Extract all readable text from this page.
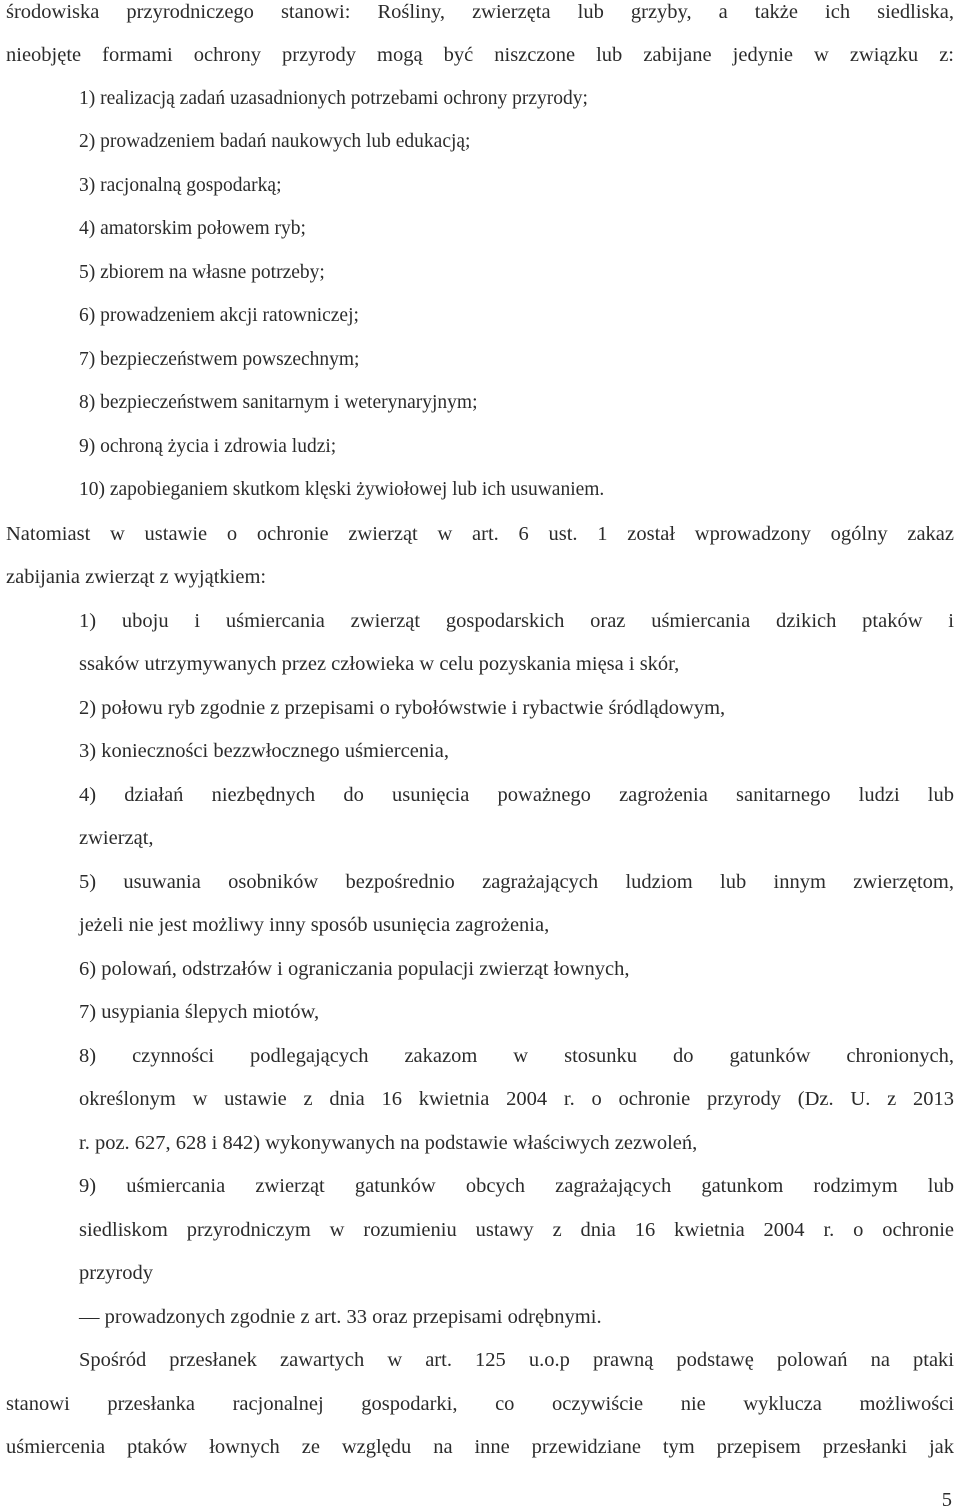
środowiska przyrodniczego stanowi: Rośliny, zwierzęta lub grzyby, a także ich siedliska,
nieobjęte formami ochrony przyrody mogą być niszczone lub zabijane jedynie w związku z:
1) realizacją zadań uzasadnionych potrzebami ochrony przyrody;
2) prowadzeniem badań naukowych lub edukacją;
3) racjonalną gospodarką;
4) amatorskim połowem ryb;
5) zbiorem na własne potrzeby;
6) prowadzeniem akcji ratowniczej;
7) bezpieczeństwem powszechnym;
8) bezpieczeństwem sanitarnym i weterynaryjnym;
9) ochroną życia i zdrowia ludzi;
10) zapobieganiem skutkom klęski żywiołowej lub ich usuwaniem.
Natomiast w ustawie o ochronie zwierząt w art. 6 ust. 1 został wprowadzony ogólny zakaz
zabijania zwierząt z wyjątkiem:
1) uboju i uśmiercania zwierząt gospodarskich oraz uśmiercania dzikich ptaków i
ssaków utrzymywanych przez człowieka w celu pozyskania mięsa i skór,
2) połowu ryb zgodnie z przepisami o rybołówstwie i rybactwie śródlądowym,
3) konieczności bezzwłocznego uśmiercenia,
4) działań niezbędnych do usunięcia poważnego zagrożenia sanitarnego ludzi lub
zwierząt,
5) usuwania osobników bezpośrednio zagrażających ludziom lub innym zwierzętom,
jeżeli nie jest możliwy inny sposób usunięcia zagrożenia,
6) polowań, odstrzałów i ograniczania populacji zwierząt łownych,
7) usypiania ślepych miotów,
8) czynności podlegających zakazom w stosunku do gatunków chronionych,
określonym w ustawie z dnia 16 kwietnia 2004 r. o ochronie przyrody (Dz. U. z 2013
r. poz. 627, 628 i 842) wykonywanych na podstawie właściwych zezwoleń,
9) uśmiercania zwierząt gatunków obcych zagrażających gatunkom rodzimym lub
siedliskom przyrodniczym w rozumieniu ustawy z dnia 16 kwietnia 2004 r. o ochronie
przyrody
— prowadzonych zgodnie z art. 33 oraz przepisami odrębnymi.
Spośród przesłanek zawartych w art. 125 u.o.p prawną podstawę polowań na ptaki
stanowi przesłanka racjonalnej gospodarki, co oczywiście nie wyklucza możliwości
uśmiercenia ptaków łownych ze względu na inne przewidziane tym przepisem przesłanki jak
5
